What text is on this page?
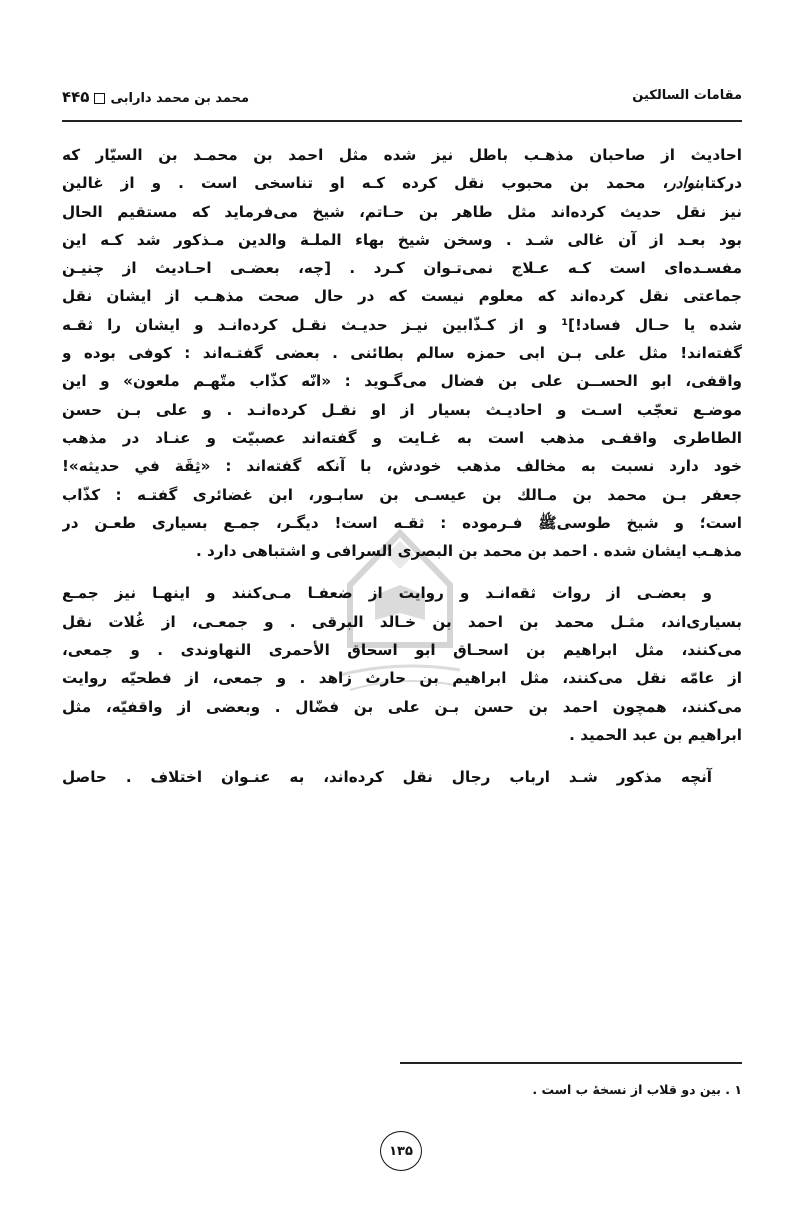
مقامات السالکین
محمد بن محمد دارابی۴۴۵
احادیث از صاحبان مذهـب باطل نیز شده مثل احمد بن محمـد بن السیّار که
درکتابنوادر، محمد بن محبوب نقل کرده کـه او تناسخی است . و از غالین
نیز نقل حدیث کرده‌اند مثل طاهر بن حـاتم، شیخ می‌فرماید که مستقیم الحال
بود بعـد از آن غالی شـد . وسخن شیخ بهاء الملـة والدین مـذکور شد کـه این
مفسـده‌ای است کـه عـلاج نمی‌تـوان کـرد . [چه، بعضـی احـادیث از چنیـن
جماعتی نقل کرده‌اند که معلوم نیست که در حال صحت مذهـب از ایشان نقل
شده یا حـال فساد!]¹ و از کـذّابین نیـز حدیـث نقـل کرده‌انـد و ایشان را ثقـه
گفته‌اند! مثل علی بـن ابی حمزه سالم بطائنی . بعضی گفتـه‌اند : کوفی بوده و
واقفی، ابو الحســن علی بن فضال می‌گـوید : «انّه کذّاب متّهـم ملعون» و این
موضـع تعجّب اسـت و احادیـث بسیار از او نقـل کرده‌انـد . و علی بـن حسن
الطاطری واقفـی مذهب است به غـایت و گفته‌اند عصبیّت و عنـاد در مذهب
خود دارد نسبت به مخالف مذهب خودش، با آنکه گفته‌اند : «ثِقَة في حديثه»!
جعفر بـن محمد بن مـالك بن عیسـی بن سابـور، ابن غضائری گفتـه : کذّاب
است؛ و شیخ طوسیﷺ فـرموده : ثقـه است! دیگـر، جمـع بسیاری طعـن در
مذهـب ایشان شده . احمد بن محمد بن البصری السرافی و اشتباهی دارد .
و بعضـی از روات ثقه‌انـد و روایت از ضعفـا مـی‌کنند و اینهـا نیز جمـع
بسیاری‌اند، مثـل محمد بن احمد بن خـالد البرقی . و جمعـی، از غُلات نقل
می‌کنند، مثل ابراهیم بن اسحـاق ابو اسحاق الأحمری النهاوندی . و جمعی،
از عامّه نقل می‌کنند، مثل ابراهیم بن حارث زاهد . و جمعی، از فطحیّه روایت
می‌کنند، همچون احمد بن حسن بـن علی بن فضّال . وبعضی از واقفیّه، مثل
ابراهیم بن عبد الحمید .
آنچه مذکور شـد ارباب رجال نقل کرده‌اند، به عنـوان اختلاف . حاصل
۱ . بین دو قلاب از نسخهٔ ب است .
۱۳۵
